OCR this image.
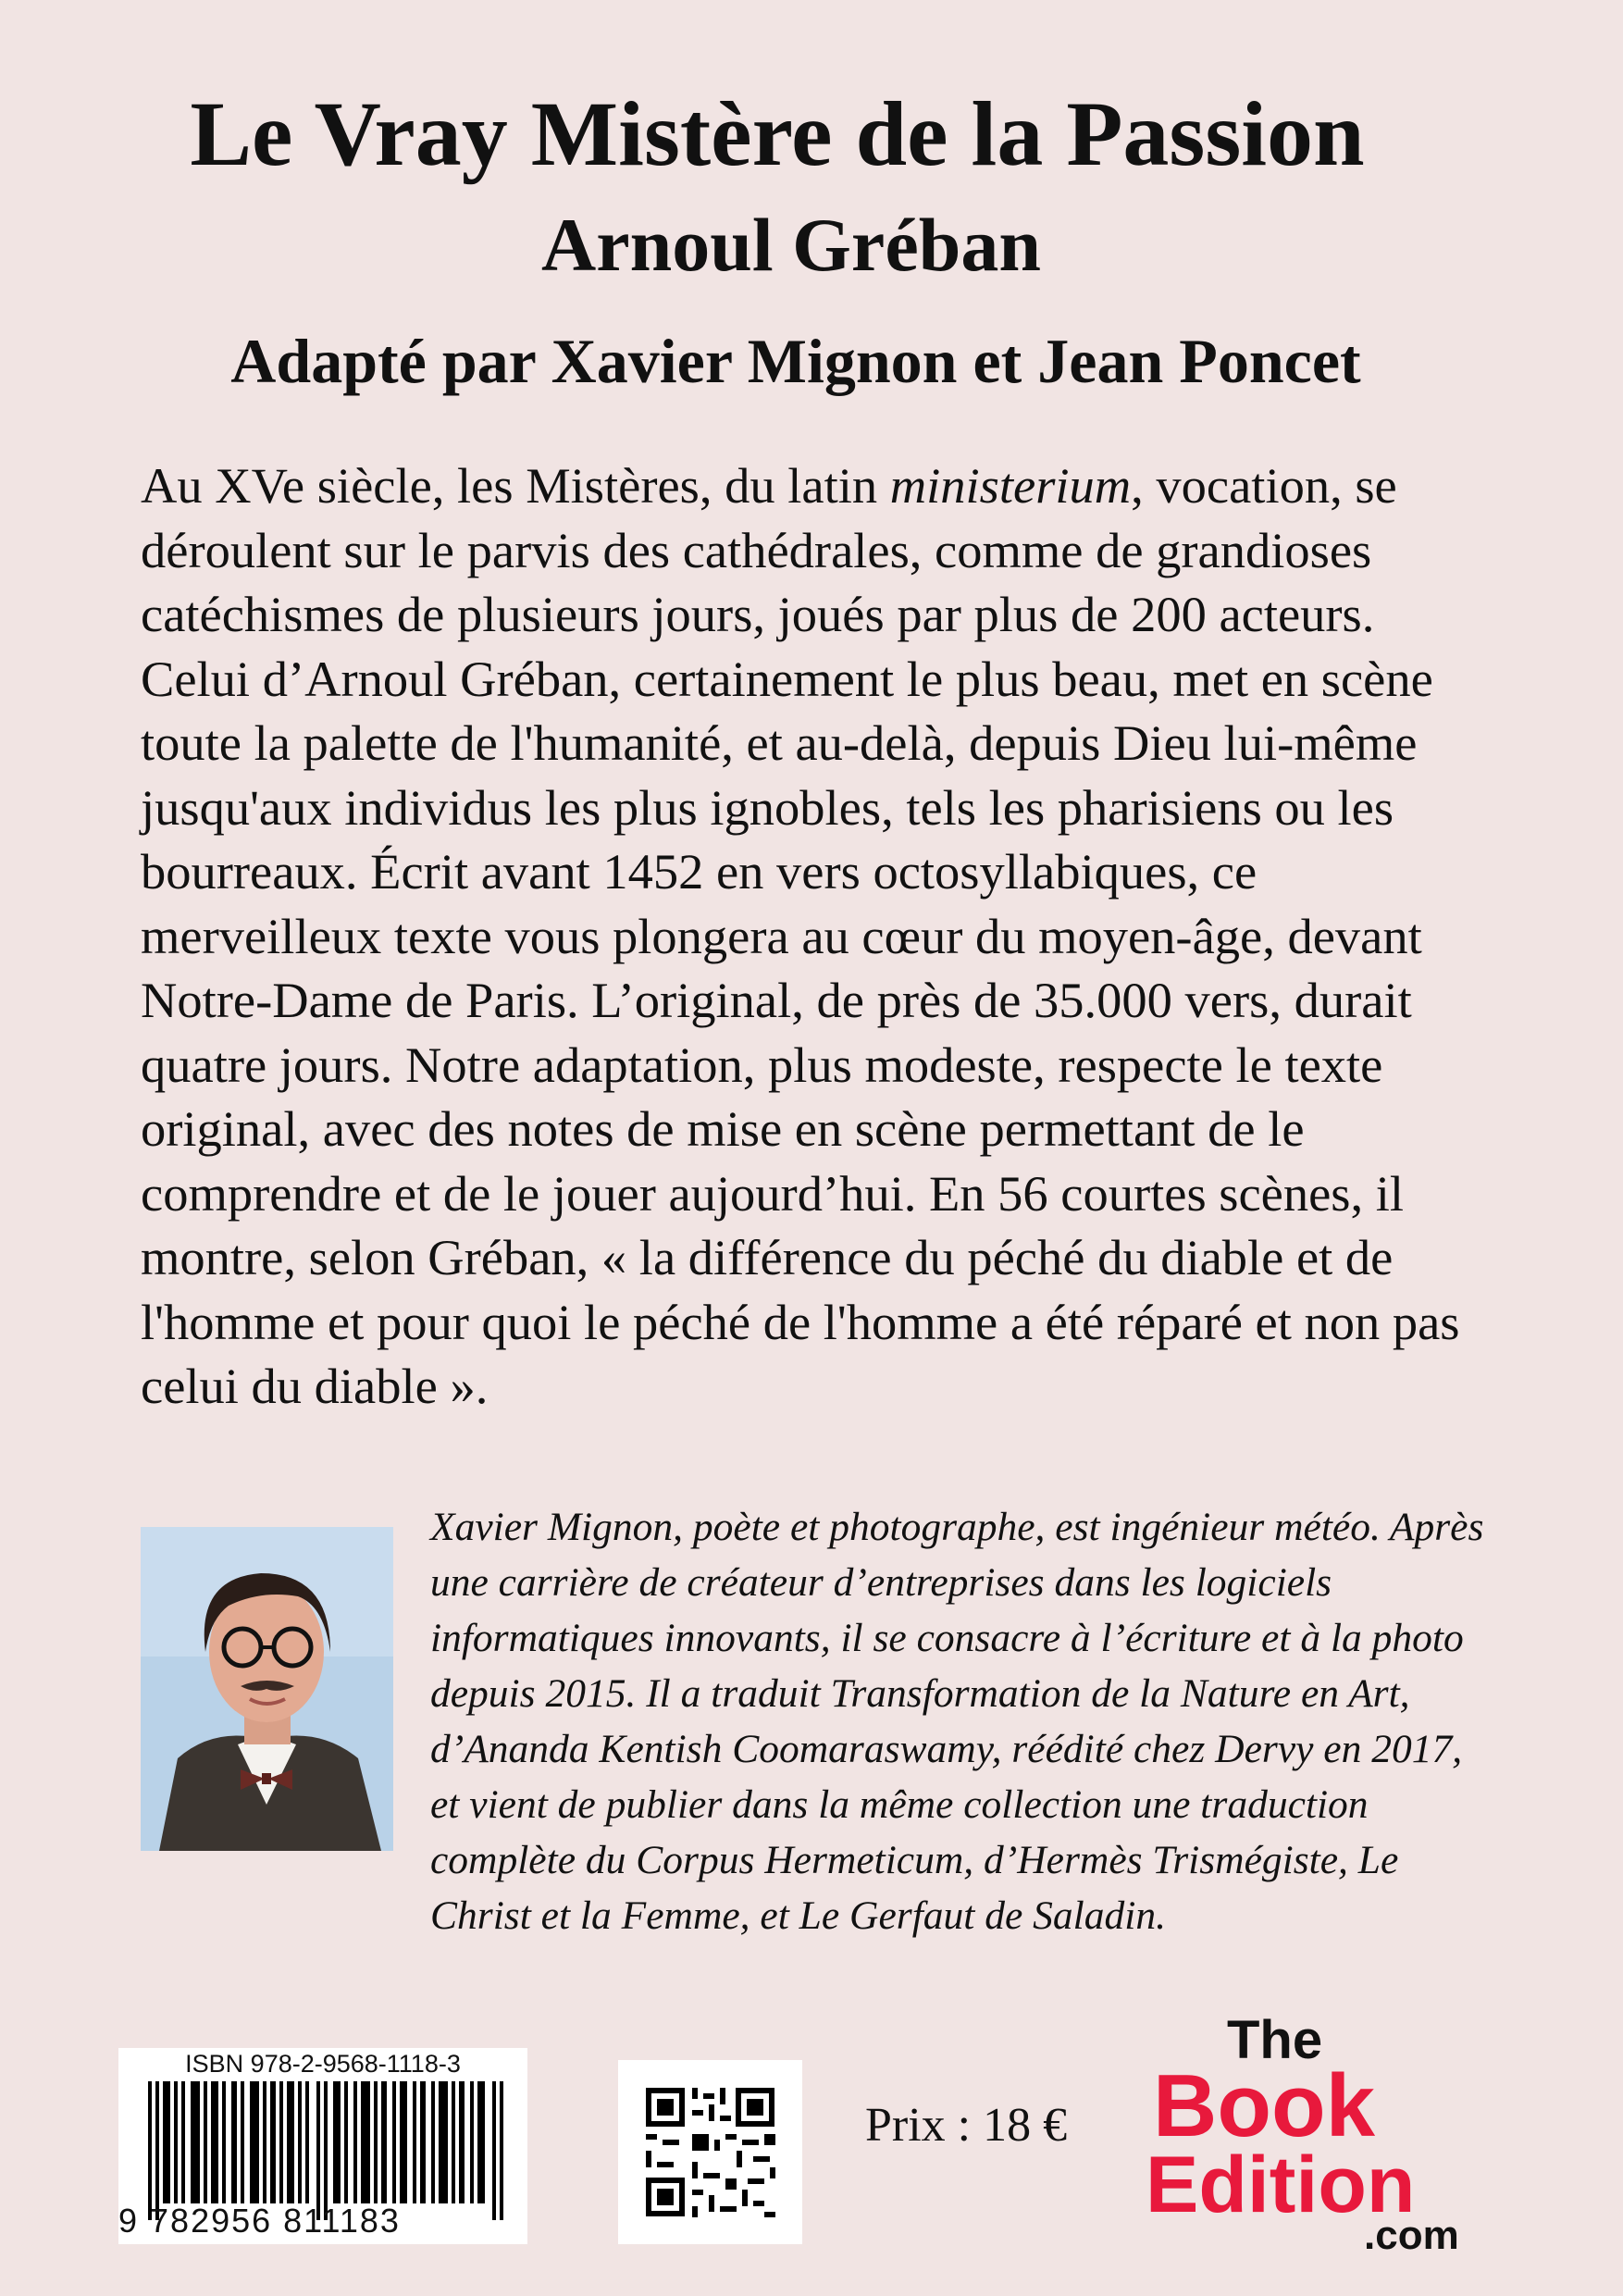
Le Vray Mistère de la Passion
Arnoul Gréban
Adapté par Xavier Mignon et Jean Poncet

Au XVe siècle, les Mistères, du latin ministerium, vocation, se déroulent sur le parvis des cathédrales, comme de grandioses catéchismes de plusieurs jours, joués par plus de 200 acteurs. Celui d’Arnoul Gréban, certainement le plus beau, met en scène toute la palette de l'humanité, et au-delà, depuis Dieu lui-même jusqu'aux individus les plus ignobles, tels les pharisiens ou les bourreaux. Écrit avant 1452 en vers octosyllabiques, ce merveilleux texte vous plongera au cœur du moyen-âge, devant Notre-Dame de Paris. L’original, de près de 35.000 vers, durait quatre jours. Notre adaptation, plus modeste, respecte le texte original, avec des notes de mise en scène permettant de le comprendre et de le jouer aujourd’hui. En 56 courtes scènes, il montre, selon Gréban, « la différence du péché du diable et de l'homme et pour quoi le péché de l'homme a été réparé et non pas celui du diable ».

Xavier Mignon, poète et photographe, est ingénieur météo. Après une carrière de créateur d’entreprises dans les logiciels informatiques innovants, il se consacre à l’écriture et à la photo depuis 2015. Il a traduit Transformation de la Nature en Art, d’Ananda Kentish Coomaraswamy, réédité chez Dervy en 2017, et vient de publier dans la même collection une traduction complète du Corpus Hermeticum, d’Hermès Trismégiste, Le Christ et la Femme, et Le Gerfaut de Saladin.

ISBN 978-2-9568-1118-3
9 782956 811183
Prix : 18 €
The
Book
Edition
.com
